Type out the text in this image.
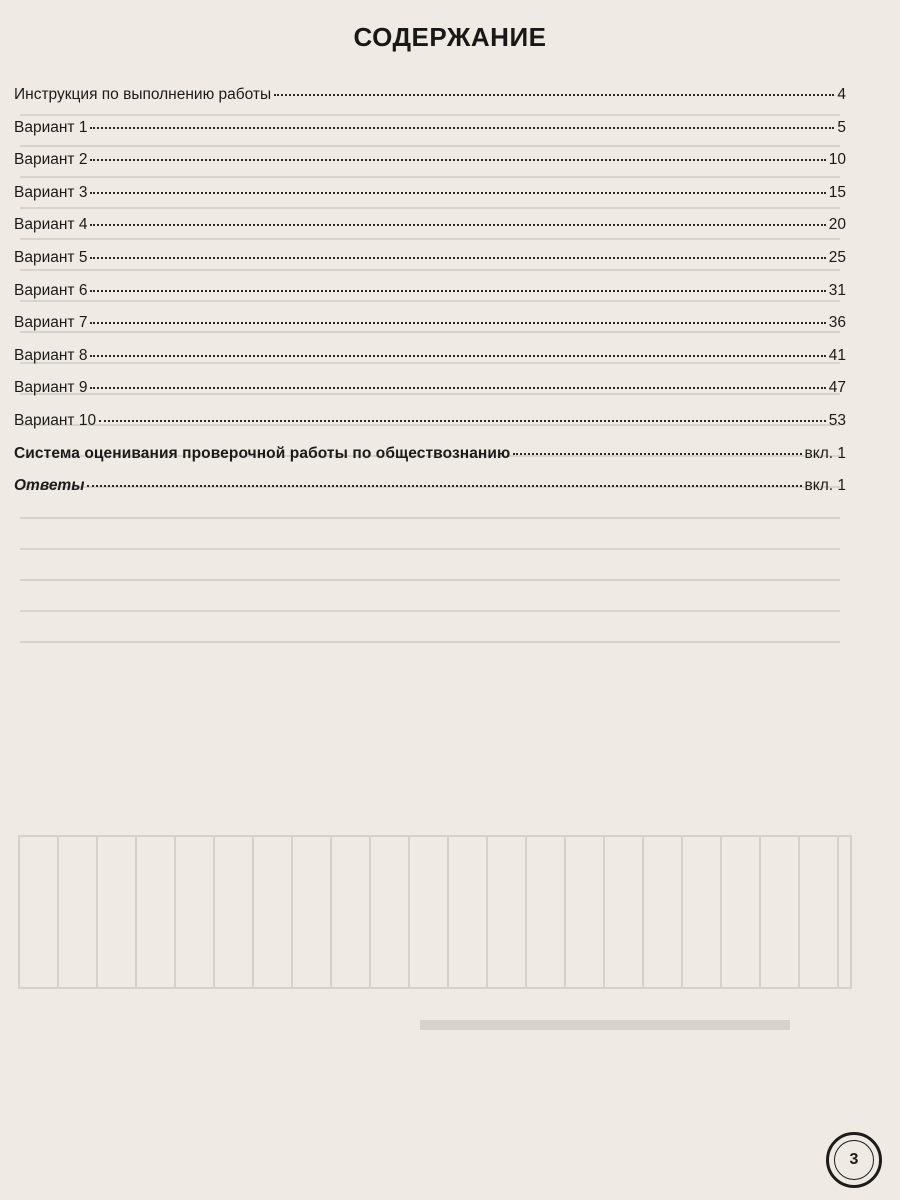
СОДЕРЖАНИЕ
Инструкция по выполнению работы	4
Вариант 1	5
Вариант 2	10
Вариант 3	15
Вариант 4	20
Вариант 5	25
Вариант 6	31
Вариант 7	36
Вариант 8	41
Вариант 9	47
Вариант 10	53
Система оценивания проверочной работы по обществознанию	вкл. 1
Ответы	вкл. 1
3
